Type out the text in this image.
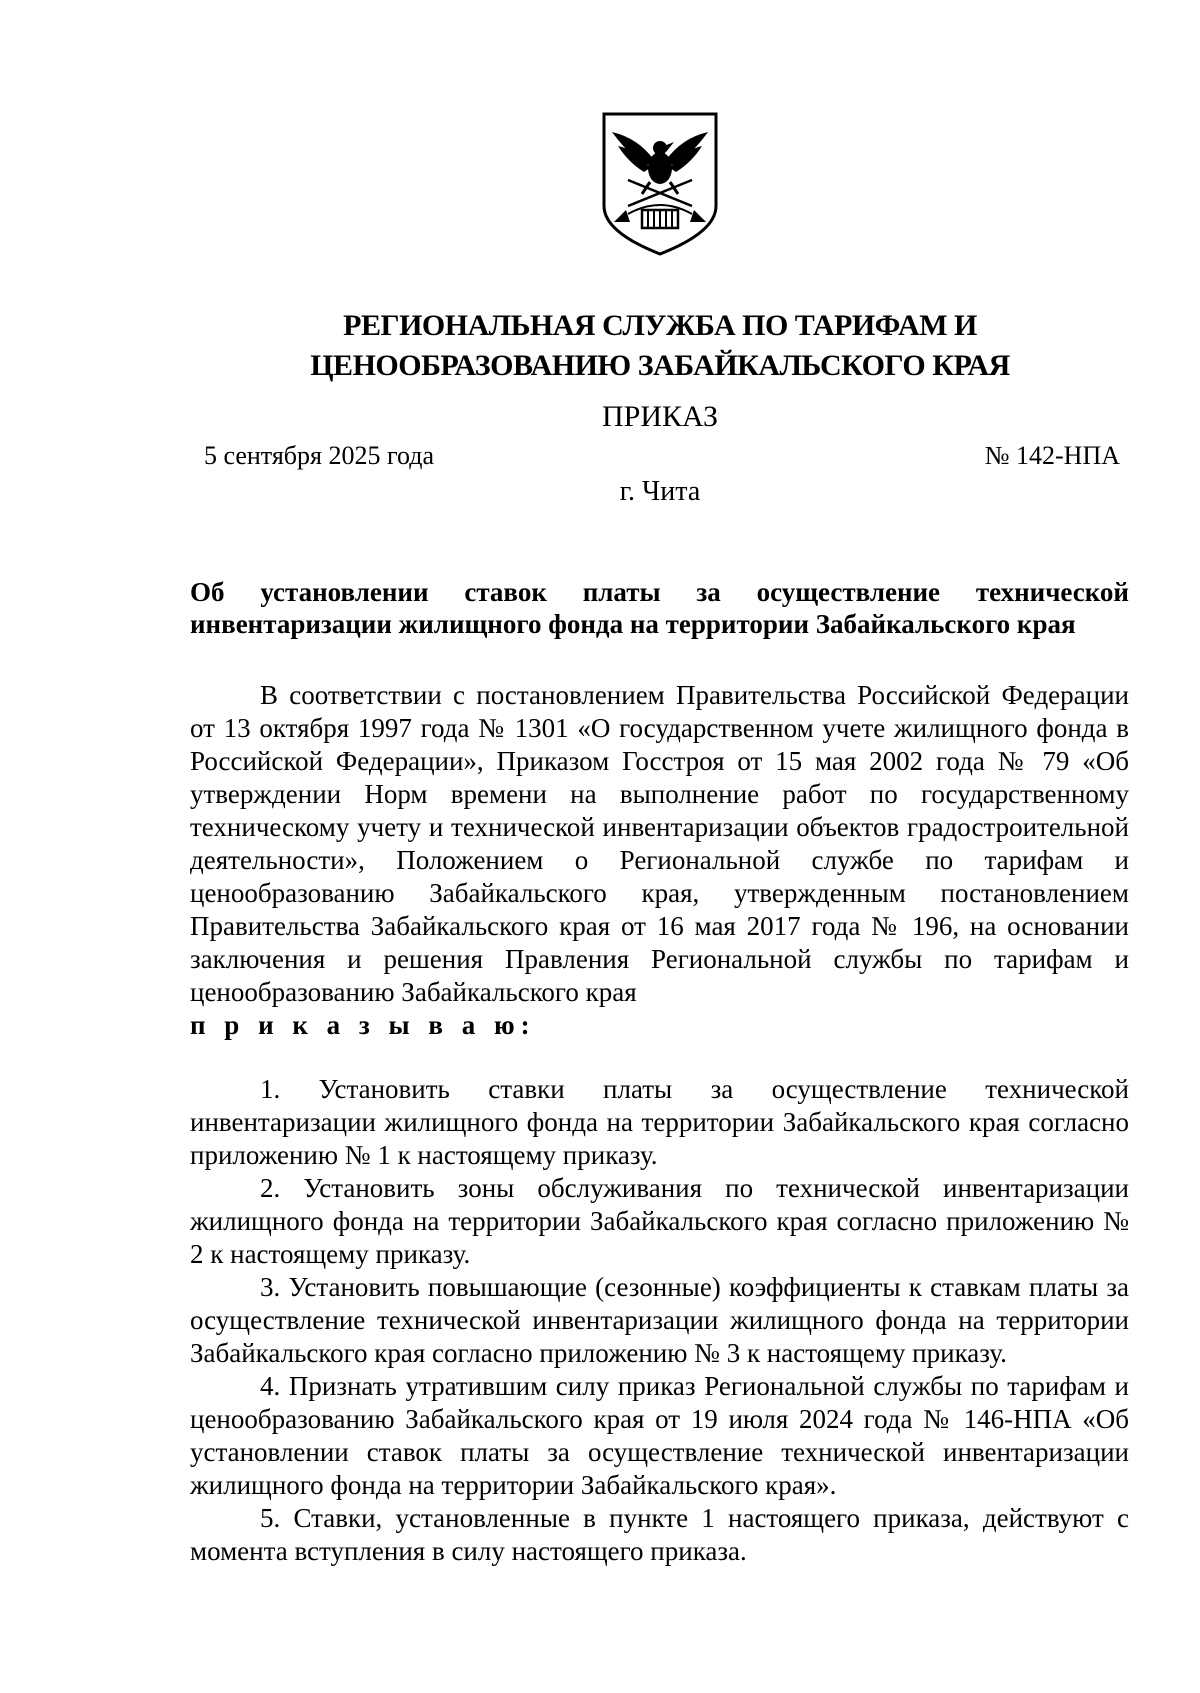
РЕГИОНАЛЬНАЯ СЛУЖБА ПО ТАРИФАМ И
ЦЕНООБРАЗОВАНИЮ ЗАБАЙКАЛЬСКОГО КРАЯ
ПРИКАЗ
5 сентября 2025 года	№ 142-НПА
г. Чита
Об установлении ставок платы за осуществление технической
инвентаризации жилищного фонда на территории Забайкальского края

В соответствии с постановлением Правительства Российской Федерации от 13 октября 1997 года № 1301 «О государственном учете жилищного фонда в Российской Федерации», Приказом Госстроя от 15 мая 2002 года № 79 «Об утверждении Норм времени на выполнение работ по государственному техническому учету и технической инвентаризации объектов градостроительной деятельности», Положением о Региональной службе по тарифам и ценообразованию Забайкальского края, утвержденным постановлением Правительства Забайкальского края от 16 мая 2017 года № 196, на основании заключения и решения Правления Региональной службы по тарифам и ценообразованию Забайкальского края
п р и к а з ы в а ю:

1. Установить ставки платы за осуществление технической инвентаризации жилищного фонда на территории Забайкальского края согласно приложению № 1 к настоящему приказу.

2. Установить зоны обслуживания по технической инвентаризации жилищного фонда на территории Забайкальского края согласно приложению № 2 к настоящему приказу.

3. Установить повышающие (сезонные) коэффициенты к ставкам платы за осуществление технической инвентаризации жилищного фонда на территории Забайкальского края согласно приложению № 3 к настоящему приказу.

4. Признать утратившим силу приказ Региональной службы по тарифам и ценообразованию Забайкальского края от 19 июля 2024 года № 146-НПА «Об установлении ставок платы за осуществление технической инвентаризации жилищного фонда на территории Забайкальского края».

5. Ставки, установленные в пункте 1 настоящего приказа, действуют с момента вступления в силу настоящего приказа.
